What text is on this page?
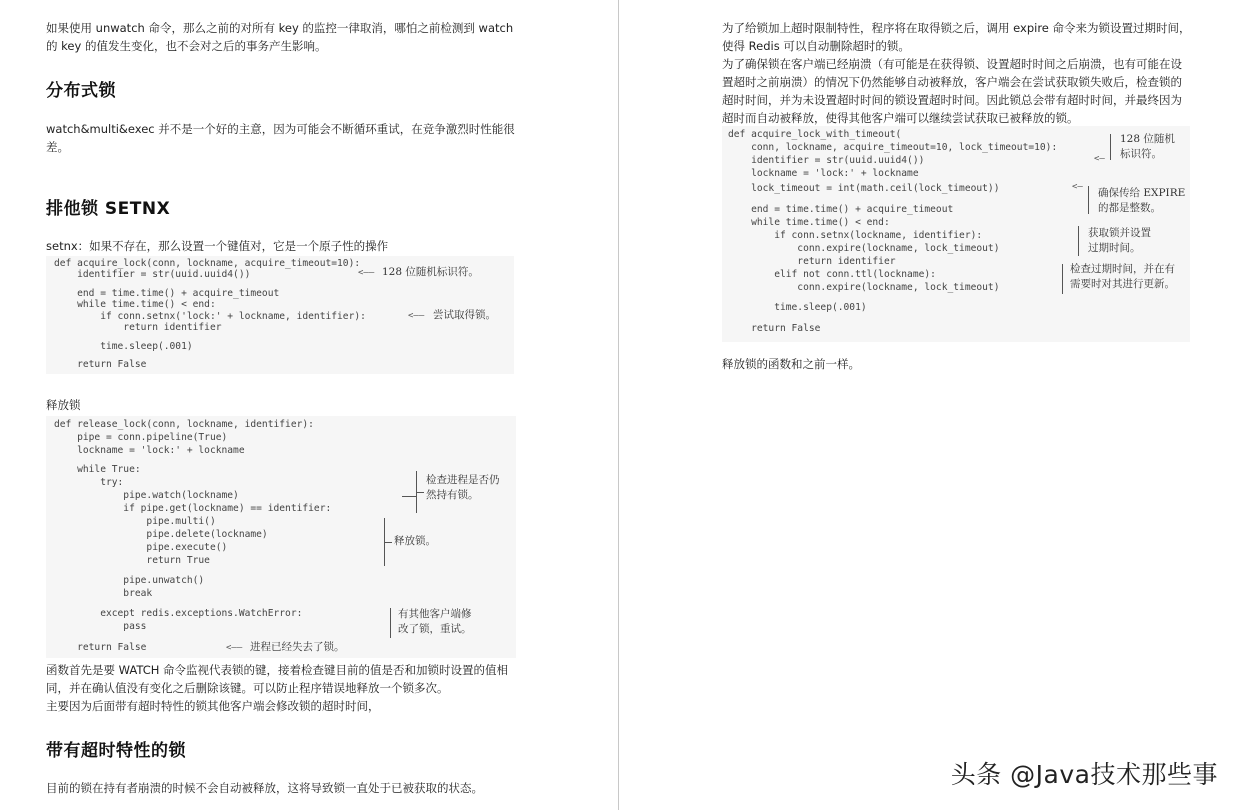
如果使用 unwatch 命令，那么之前的对所有 key 的监控一律取消，哪怕之前检测到 watch

的 key 的值发生变化，也不会对之后的事务产生影响。

分布式锁

watch&multi&exec 并不是一个好的主意，因为可能会不断循环重试，在竞争激烈时性能很

差。

排他锁 SETNX

setnx：如果不存在，那么设置一个键值对，它是一个原子性的操作

def acquire_lock(conn, lockname, acquire_timeout=10):
identifier = str(uuid.uuid4())
end = time.time() + acquire_timeout
while time.time() < end:
if conn.setnx('lock:' + lockname, identifier):
return identifier
time.sleep(.001)
return False
<—— 128 位随机标识符。
<—— 尝试取得锁。

释放锁

def release_lock(conn, lockname, identifier):
pipe = conn.pipeline(True)
lockname = 'lock:' + lockname
while True:
try:
pipe.watch(lockname)
if pipe.get(lockname) == identifier:
pipe.multi()
pipe.delete(lockname)
pipe.execute()
return True
pipe.unwatch()
break
except redis.exceptions.WatchError:
pass
return False
检查进程是否仍
然持有锁。
释放锁。
有其他客户端修
改了锁，重试。
<—— 进程已经失去了锁。

函数首先是要 WATCH 命令监视代表锁的键，接着检查键目前的值是否和加锁时设置的值相

同，并在确认值没有变化之后删除该键。可以防止程序错误地释放一个锁多次。

主要因为后面带有超时特性的锁其他客户端会修改锁的超时时间，

带有超时特性的锁

目前的锁在持有者崩溃的时候不会自动被释放，这将导致锁一直处于已被获取的状态。

为了给锁加上超时限制特性，程序将在取得锁之后，调用 expire 命令来为锁设置过期时间，

使得 Redis 可以自动删除超时的锁。

为了确保锁在客户端已经崩溃（有可能是在获得锁、设置超时时间之后崩溃，也有可能在设

置超时之前崩溃）的情况下仍然能够自动被释放，客户端会在尝试获取锁失败后，检查锁的

超时时间，并为未设置超时时间的锁设置超时时间。因此锁总会带有超时时间，并最终因为

超时而自动被释放，使得其他客户端可以继续尝试获取已被释放的锁。

def acquire_lock_with_timeout(
conn, lockname, acquire_timeout=10, lock_timeout=10):
identifier = str(uuid.uuid4())
lockname = 'lock:' + lockname
lock_timeout = int(math.ceil(lock_timeout))
end = time.time() + acquire_timeout
while time.time() < end:
if conn.setnx(lockname, identifier):
conn.expire(lockname, lock_timeout)
return identifier
elif not conn.ttl(lockname):
conn.expire(lockname, lock_timeout)
time.sleep(.001)
return False
<—
128 位随机
标识符。
<— 确保传给 EXPIRE
的都是整数。
获取锁并设置
过期时间。
检查过期时间，并在有
需要时对其进行更新。

释放锁的函数和之前一样。

头条 @Java技术那些事
